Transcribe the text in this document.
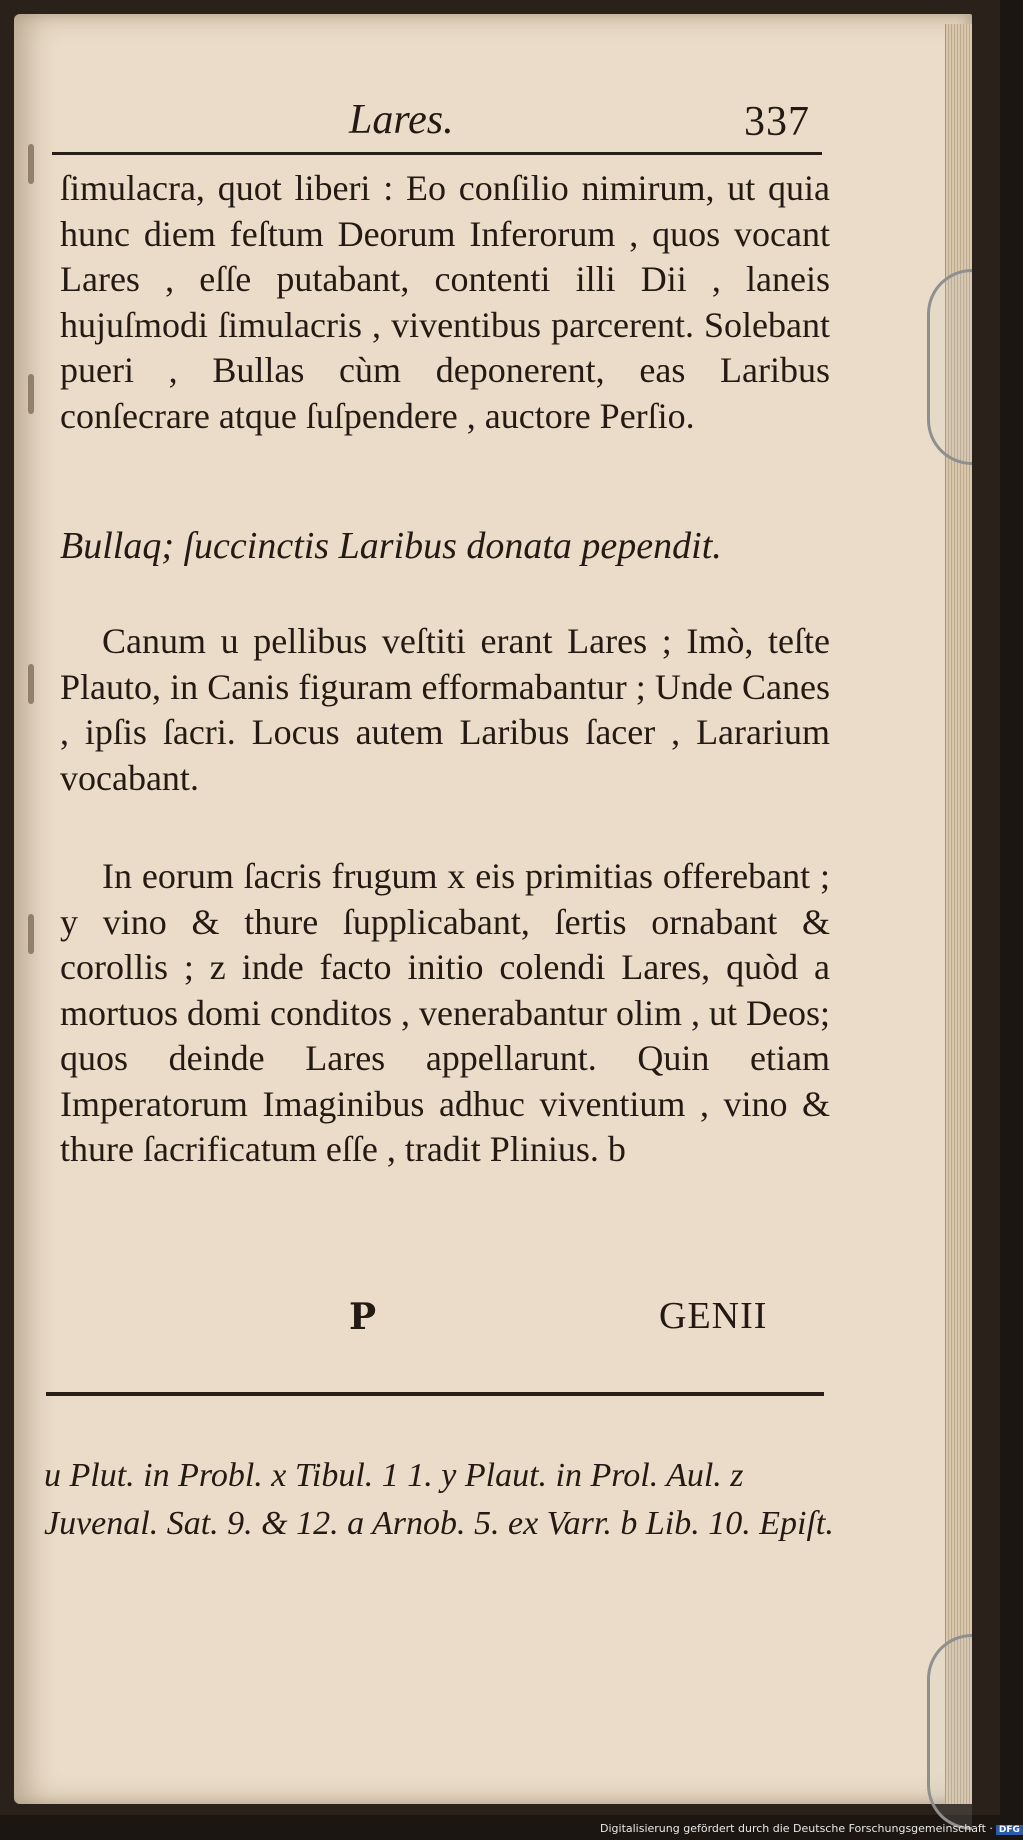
Lares.	337

ſimulacra, quot liberi : Eo conſilio nimirum, ut quia hunc diem feſtum Deorum Inferorum , quos vocant Lares , eſſe putabant, contenti illi Dii , laneis hujuſmodi ſimulacris , viventibus parcerent. Solebant pueri , Bullas cùm deponerent, eas Laribus conſecrare atque ſuſpendere , auctore Perſio.

Bullaq; ſuccinctis Laribus donata pependit.

Canum u pellibus veſtiti erant Lares ; Imò, teſte Plauto, in Canis figuram efformabantur ; Unde Canes , ipſis ſacri. Locus autem Laribus ſacer , Lararium vocabant.

In eorum ſacris frugum x eis primitias offerebant ; y vino & thure ſupplicabant, ſertis ornabant & corollis ; z inde facto initio colendi Lares, quòd a mortuos domi conditos , venerabantur olim , ut Deos; quos deinde Lares appellarunt. Quin etiam Imperatorum Imaginibus adhuc viventium , vino & thure ſacrificatum eſſe , tradit Plinius. b

P	GENII

u Plut. in Probl. x Tibul. 1 1. y Plaut. in Prol. Aul. z Juvenal. Sat. 9. & 12. a Arnob. 5. ex Varr. b Lib. 10. Epiſt.

Digitalisierung gefördert durch die Deutsche Forschungsgemeinschaft · DFG
